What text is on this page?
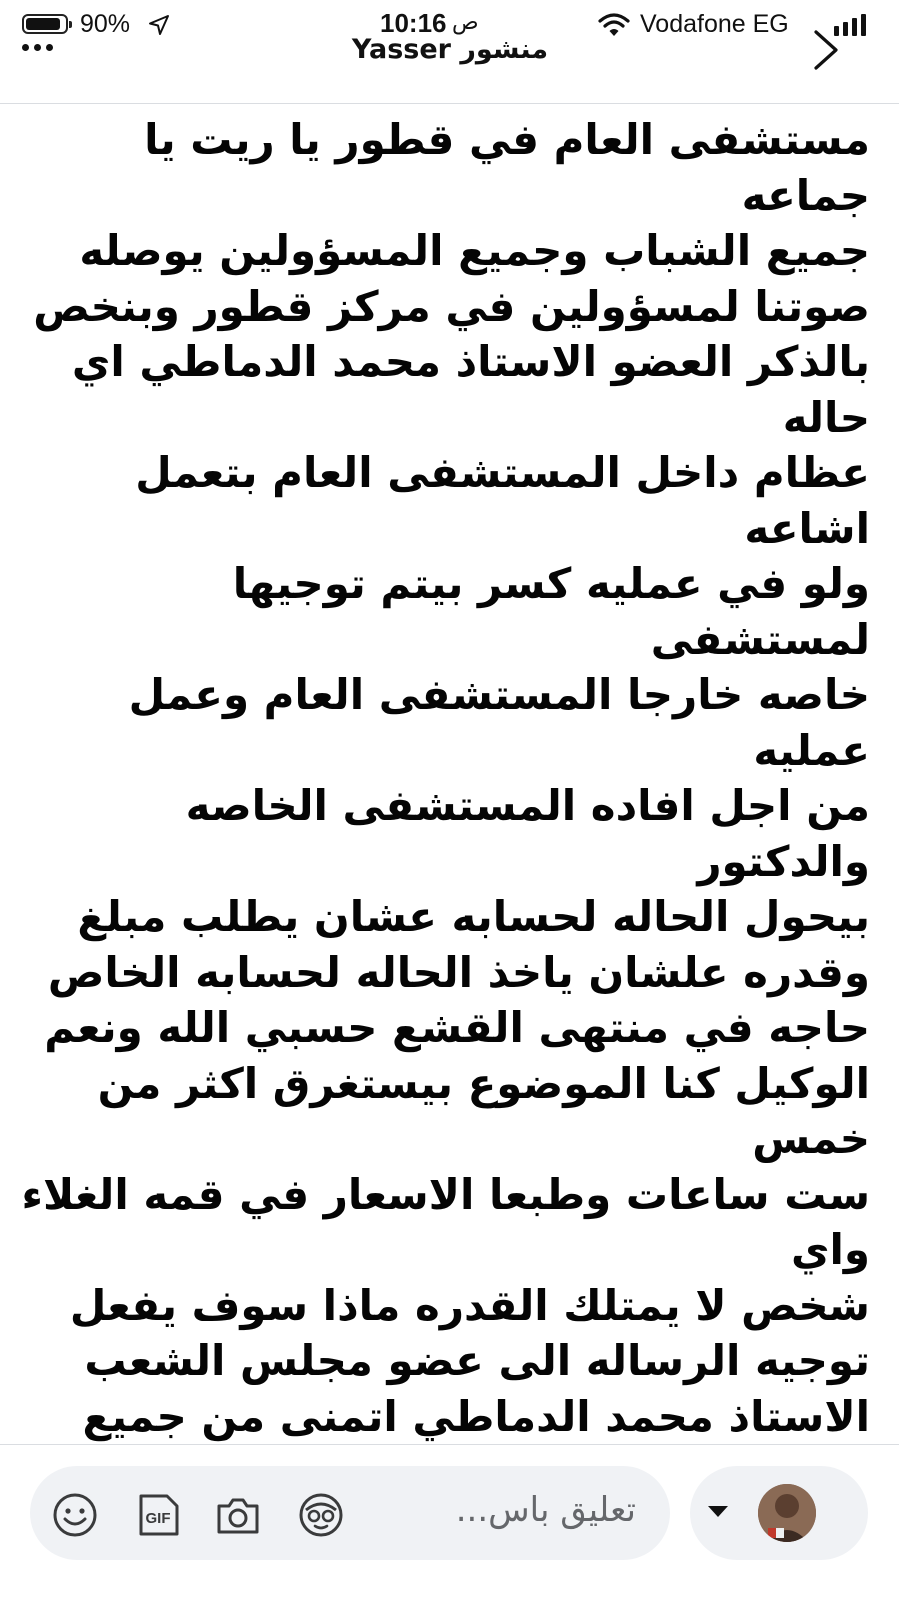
90%	10:16 ص	Vodafone EG
منشور Yasser
مستشفى العام في قطور يا ريت يا جماعه
جميع الشباب وجميع المسؤولين يوصله
صوتنا لمسؤولين في مركز قطور وبنخص
بالذكر العضو الاستاذ محمد الدماطي اي حاله
عظام داخل المستشفى العام بتعمل اشاعه
ولو في عمليه كسر بيتم توجيها لمستشفى
خاصه خارجا المستشفى العام وعمل عمليه
من اجل افاده المستشفى الخاصه والدكتور
بيحول الحاله لحسابه عشان يطلب مبلغ
وقدره علشان ياخذ الحاله لحسابه الخاص
حاجه في منتهى القشع حسبي الله ونعم
الوكيل كنا الموضوع بيستغرق اكثر من خمس
ست ساعات وطبعا الاسعار في قمه الغلاء واي
شخص لا يمتلك القدره ماذا سوف يفعل
توجيه الرساله الى عضو مجلس الشعب
الاستاذ محمد الدماطي اتمنى من جميع
GIF	تعليق باس...
